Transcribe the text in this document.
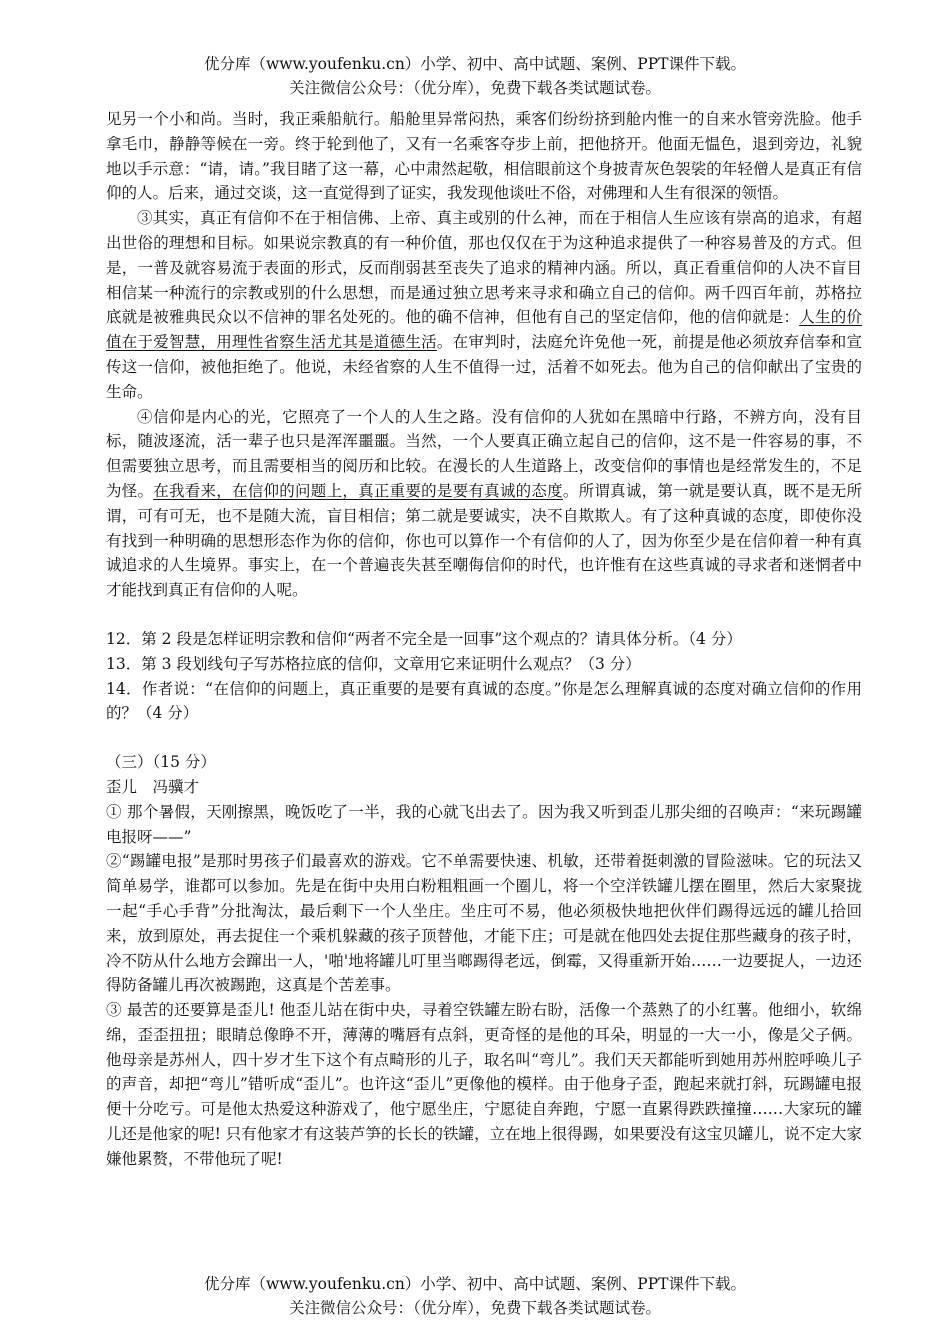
优分库（www.youfenku.cn）小学、初中、高中试题、案例、PPT课件下载。
关注微信公众号：（优分库），免费下载各类试题试卷。

见另一个小和尚。当时，我正乘船航行。船舱里异常闷热，乘客们纷纷挤到舱内惟一的自来水管旁洗脸。他手拿毛巾，静静等候在一旁。终于轮到他了，又有一名乘客夺步上前，把他挤开。他面无愠色，退到旁边，礼貌地以手示意：“请，请。”我目睹了这一幕，心中肃然起敬，相信眼前这个身披青灰色袈裟的年轻僧人是真正有信仰的人。后来，通过交谈，这一直觉得到了证实，我发现他谈吐不俗，对佛理和人生有很深的领悟。

③其实，真正有信仰不在于相信佛、上帝、真主或别的什么神，而在于相信人生应该有崇高的追求，有超出世俗的理想和目标。如果说宗教真的有一种价值，那也仅仅在于为这种追求提供了一种容易普及的方式。但是，一普及就容易流于表面的形式，反而削弱甚至丧失了追求的精神内涵。所以，真正看重信仰的人决不盲目相信某一种流行的宗教或别的什么思想，而是通过独立思考来寻求和确立自己的信仰。两千四百年前，苏格拉底就是被雅典民众以不信神的罪名处死的。他的确不信神，但他有自己的坚定信仰，他的信仰就是：人生的价值在于爱智慧，用理性省察生活尤其是道德生活。在审判时，法庭允许免他一死，前提是他必须放弃信奉和宣传这一信仰，被他拒绝了。他说，未经省察的人生不值得一过，活着不如死去。他为自己的信仰献出了宝贵的生命。

④信仰是内心的光，它照亮了一个人的人生之路。没有信仰的人犹如在黑暗中行路，不辨方向，没有目标，随波逐流，活一辈子也只是浑浑噩噩。当然，一个人要真正确立起自己的信仰，这不是一件容易的事，不但需要独立思考，而且需要相当的阅历和比较。在漫长的人生道路上，改变信仰的事情也是经常发生的，不足为怪。在我看来，在信仰的问题上，真正重要的是要有真诚的态度。所谓真诚，第一就是要认真，既不是无所谓，可有可无，也不是随大流，盲目相信；第二就是要诚实，决不自欺欺人。有了这种真诚的态度，即使你没有找到一种明确的思想形态作为你的信仰，你也可以算作一个有信仰的人了，因为你至少是在信仰着一种有真诚追求的人生境界。事实上，在一个普遍丧失甚至嘲侮信仰的时代，也许惟有在这些真诚的寻求者和迷惘者中才能找到真正有信仰的人呢。

12．第 2 段是怎样证明宗教和信仰“两者不完全是一回事”这个观点的？请具体分析。（4 分）

13．第 3 段划线句子写苏格拉底的信仰，文章用它来证明什么观点？（3 分）

14．作者说：“在信仰的问题上，真正重要的是要有真诚的态度。”你是怎么理解真诚的态度对确立信仰的作用的？（4 分）

（三）（15 分）

歪儿　冯骥才

① 那个暑假，天刚擦黑，晚饭吃了一半，我的心就飞出去了。因为我又听到歪儿那尖细的召唤声：“来玩踢罐电报呀——”

②“踢罐电报”是那时男孩子们最喜欢的游戏。它不单需要快速、机敏，还带着挺刺激的冒险滋味。它的玩法又简单易学，谁都可以参加。先是在街中央用白粉粗粗画一个圈儿，将一个空洋铁罐儿摆在圈里，然后大家聚拢一起“手心手背”分批淘汰，最后剩下一个人坐庄。坐庄可不易，他必须极快地把伙伴们踢得远远的罐儿拾回来，放到原处，再去捉住一个乘机躲藏的孩子顶替他，才能下庄；可是就在他四处去捉住那些藏身的孩子时，冷不防从什么地方会蹿出一人，'啪'地将罐儿叮里当啷踢得老远，倒霉，又得重新开始……一边要捉人，一边还得防备罐儿再次被踢跑，这真是个苦差事。

③ 最苦的还要算是歪儿! 他歪儿站在街中央，寻着空铁罐左盼右盼，活像一个蒸熟了的小红薯。他细小，软绵绵，歪歪扭扭；眼睛总像睁不开，薄薄的嘴唇有点斜，更奇怪的是他的耳朵，明显的一大一小，像是父子俩。他母亲是苏州人，四十岁才生下这个有点畸形的儿子，取名叫“弯儿”。我们天天都能听到她用苏州腔呼唤儿子的声音，却把“弯儿”错听成“歪儿”。也许这“歪儿”更像他的模样。由于他身子歪，跑起来就打斜，玩踢罐电报便十分吃亏。可是他太热爱这种游戏了，他宁愿坐庄，宁愿徒自奔跑，宁愿一直累得跌跌撞撞……大家玩的罐儿还是他家的呢! 只有他家才有这装芦笋的长长的铁罐，立在地上很得踢，如果要没有这宝贝罐儿，说不定大家嫌他累赘，不带他玩了呢!

优分库（www.youfenku.cn）小学、初中、高中试题、案例、PPT课件下载。
关注微信公众号：（优分库），免费下载各类试题试卷。
